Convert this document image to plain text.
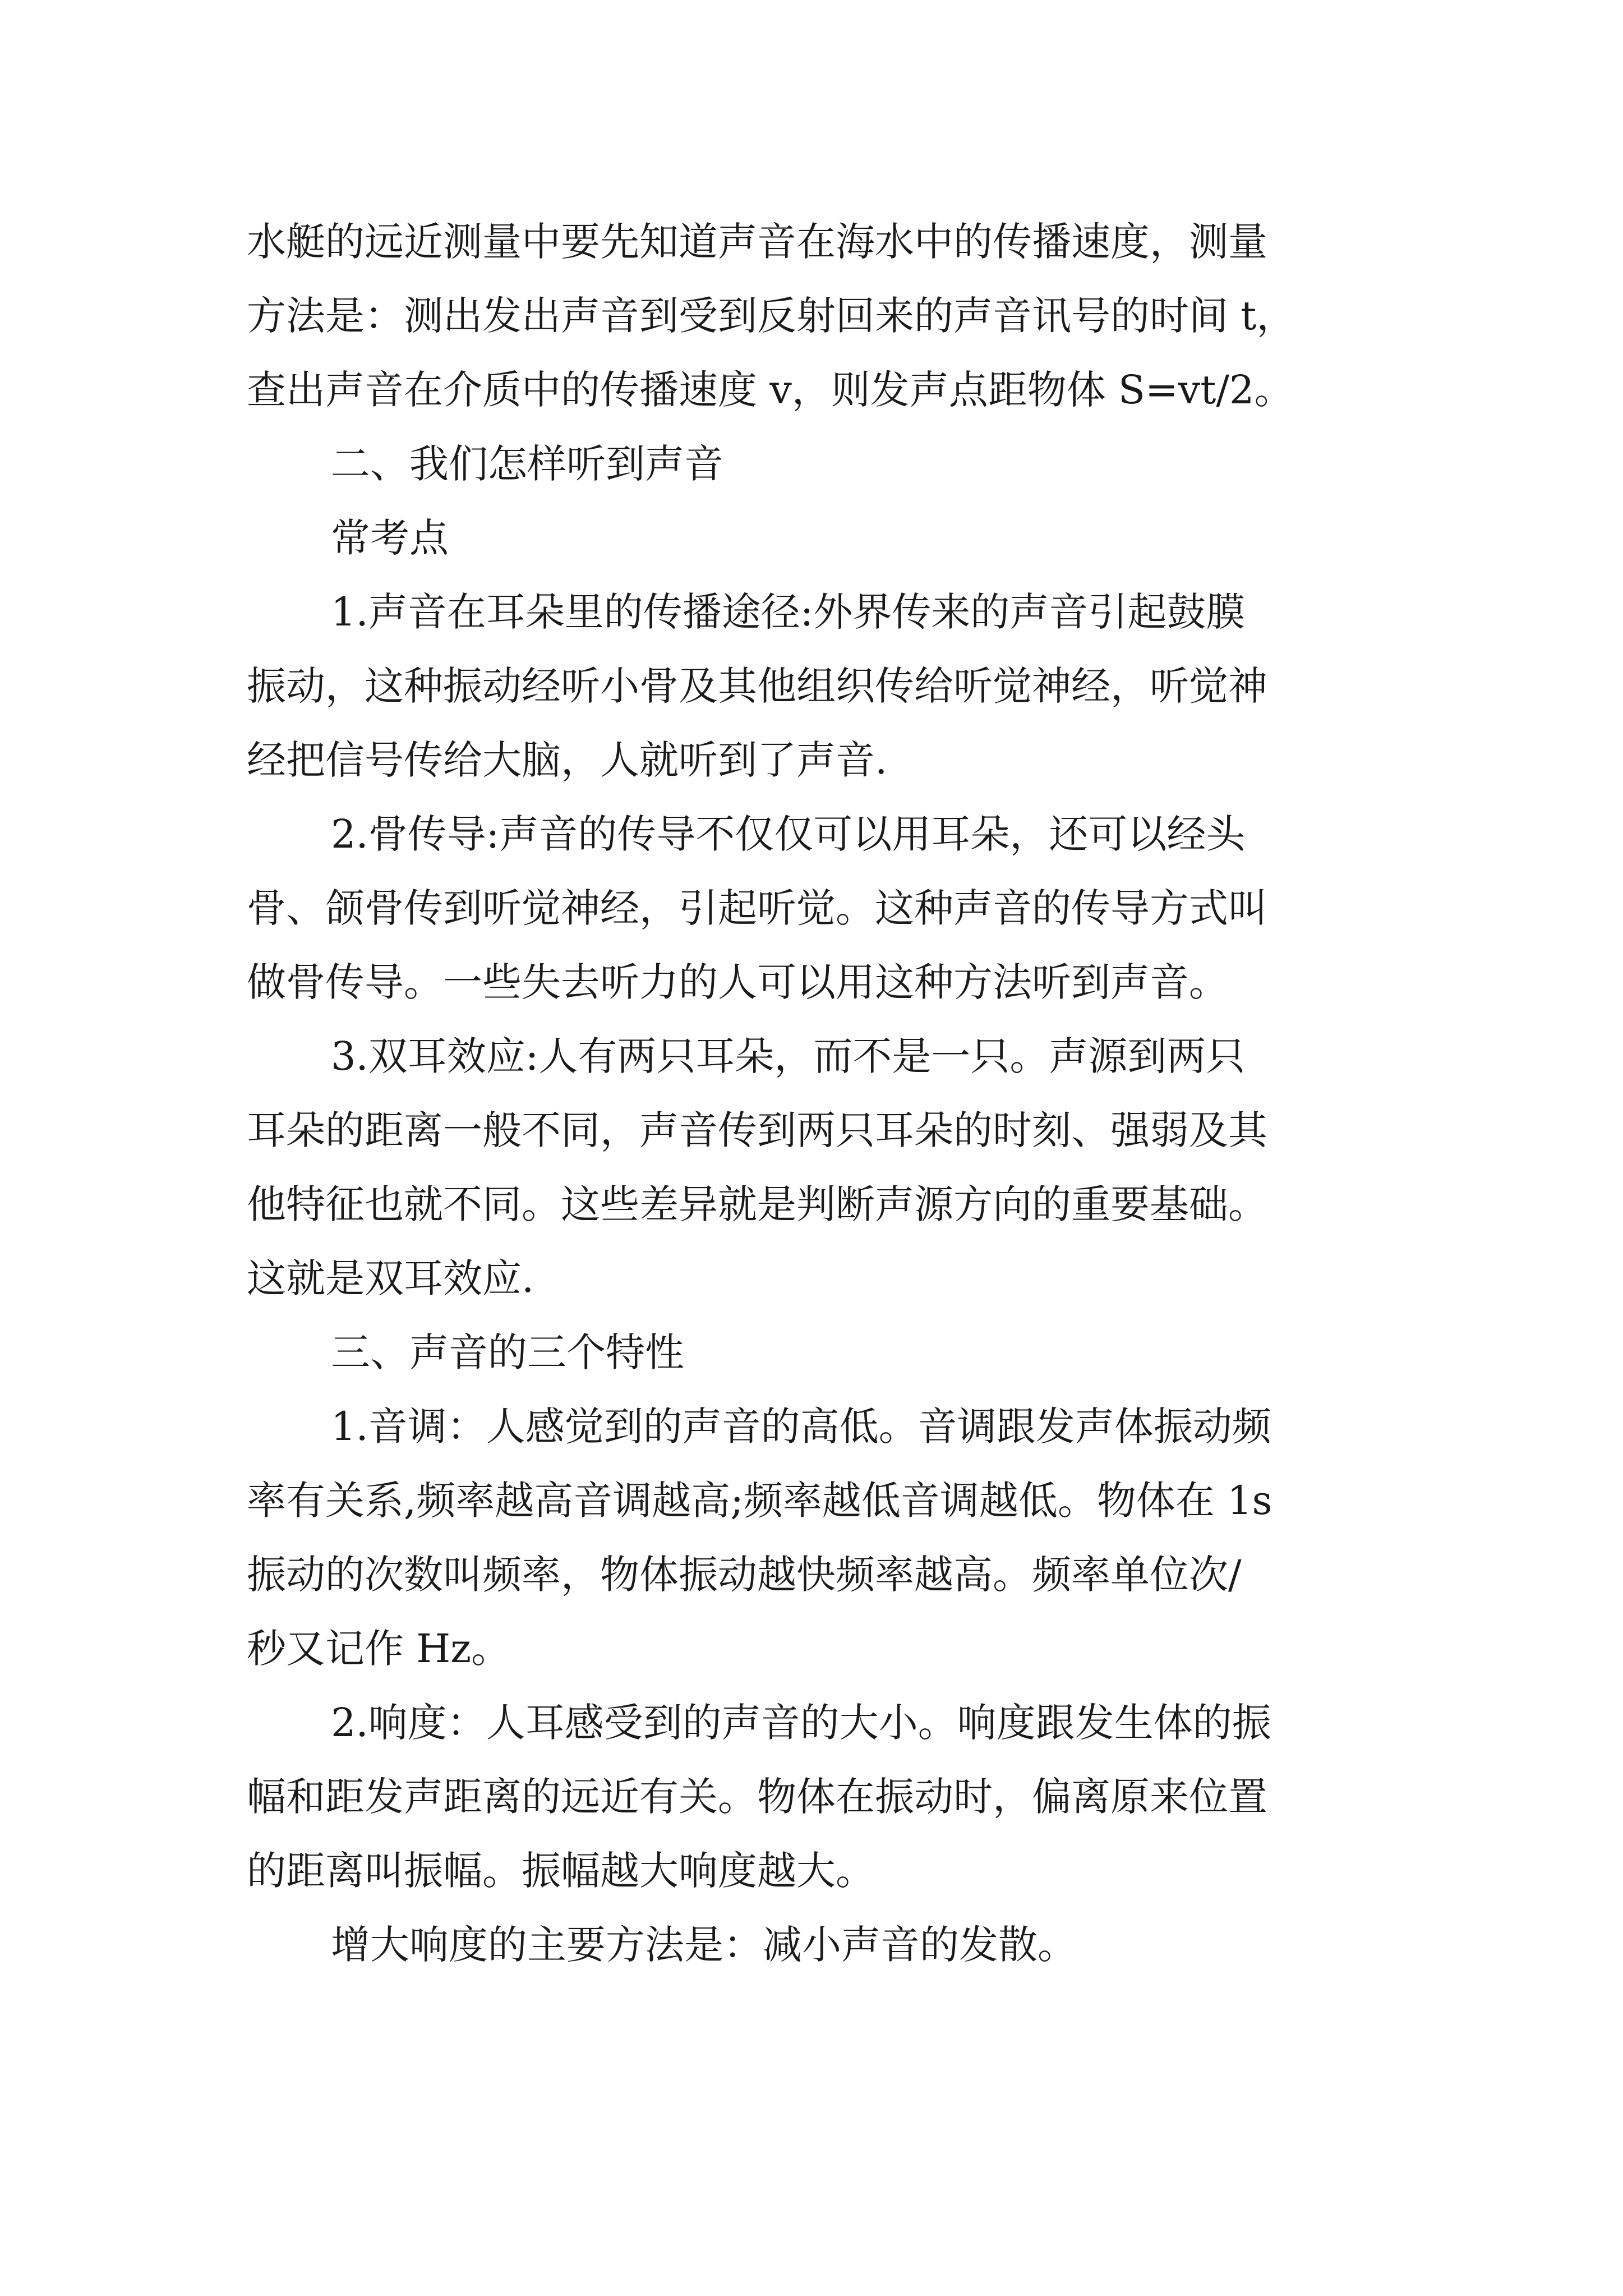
水艇的远近测量中要先知道声音在海水中的传播速度，测量

方法是：测出发出声音到受到反射回来的声音讯号的时间 t，

查出声音在介质中的传播速度 v，则发声点距物体 S=vt/2。

二、我们怎样听到声音

常考点

1.声音在耳朵里的传播途径:外界传来的声音引起鼓膜

振动，这种振动经听小骨及其他组织传给听觉神经，听觉神

经把信号传给大脑，人就听到了声音.

2.骨传导:声音的传导不仅仅可以用耳朵，还可以经头

骨、颌骨传到听觉神经，引起听觉。这种声音的传导方式叫

做骨传导。一些失去听力的人可以用这种方法听到声音。

3.双耳效应:人有两只耳朵，而不是一只。声源到两只

耳朵的距离一般不同，声音传到两只耳朵的时刻、强弱及其

他特征也就不同。这些差异就是判断声源方向的重要基础。

这就是双耳效应.

三、声音的三个特性

1.音调：人感觉到的声音的高低。音调跟发声体振动频

率有关系,频率越高音调越高;频率越低音调越低。物体在 1s

振动的次数叫频率，物体振动越快频率越高。频率单位次/

秒又记作 Hz。

2.响度：人耳感受到的声音的大小。响度跟发生体的振

幅和距发声距离的远近有关。物体在振动时，偏离原来位置

的距离叫振幅。振幅越大响度越大。

增大响度的主要方法是：减小声音的发散。
